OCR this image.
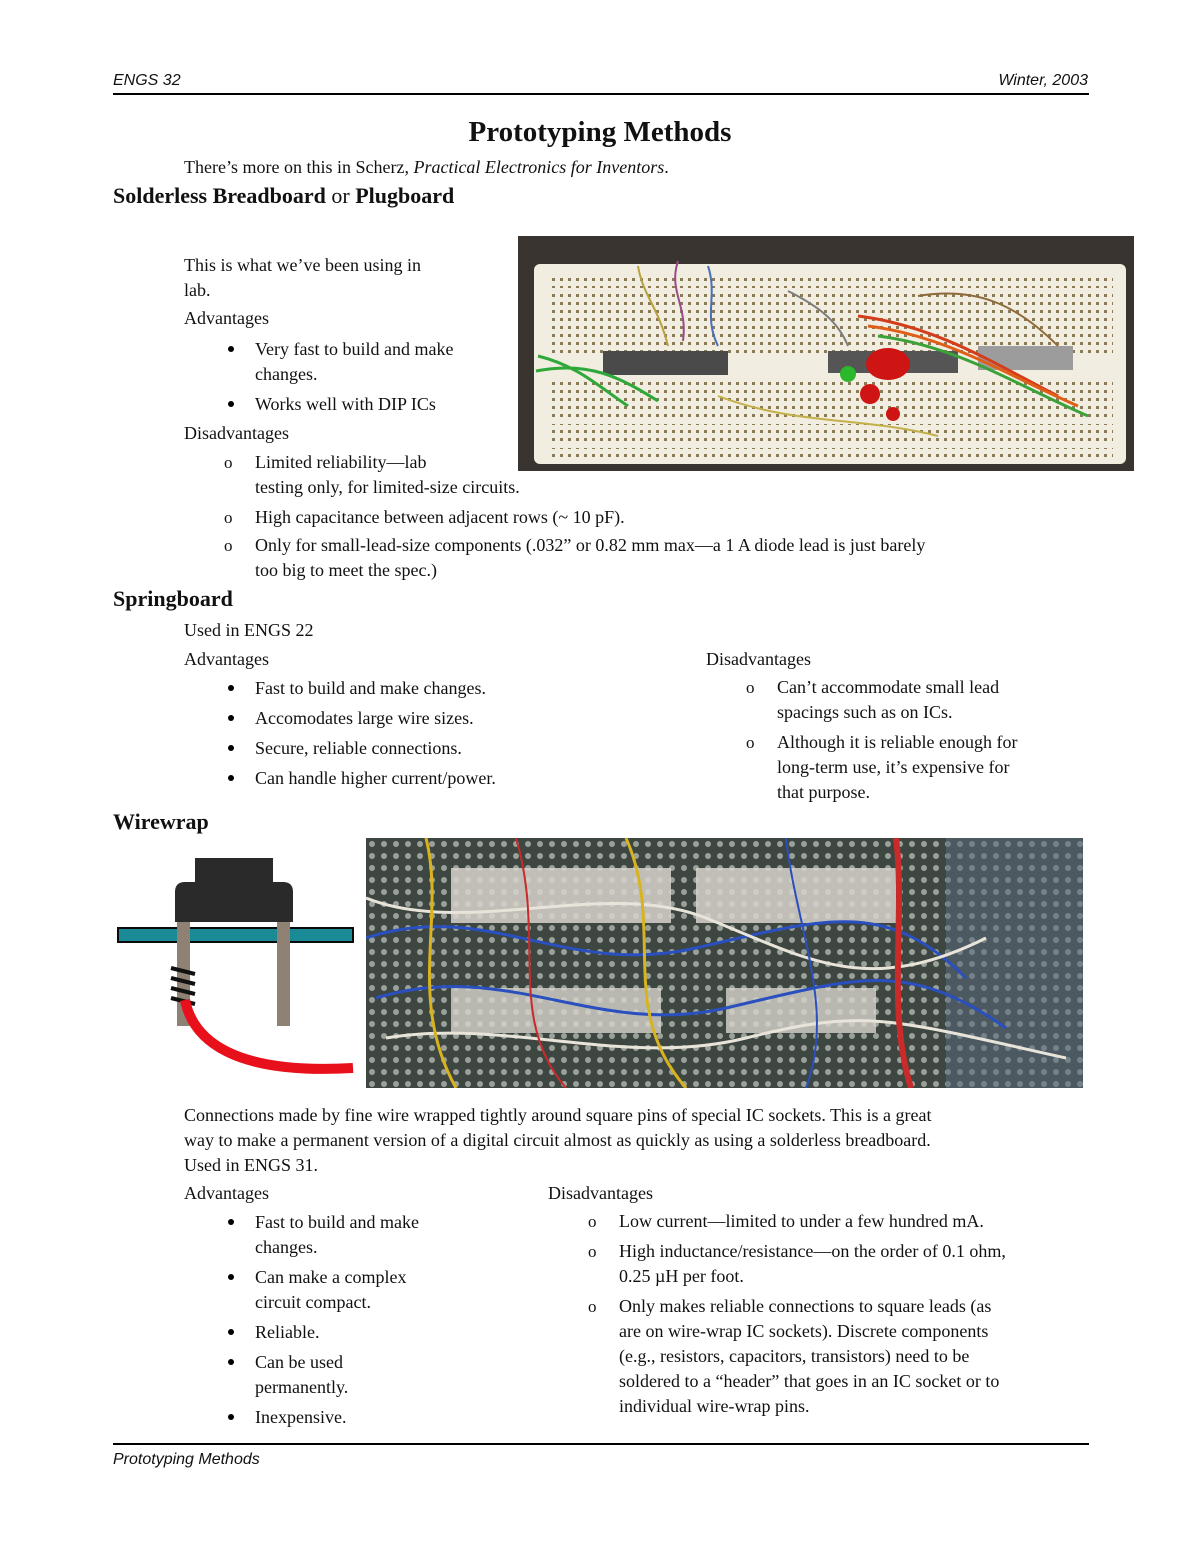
ENGS 32	Winter, 2003
Prototyping Methods
There’s more on this in Scherz, Practical Electronics for Inventors.
Solderless Breadboard or Plugboard
This is what we’ve been using in
lab.
Advantages
Very fast to build and make
changes.
Works well with DIP ICs
Disadvantages
o Limited reliability—lab
testing only, for limited-size circuits.
o High capacitance between adjacent rows (~ 10 pF).
o Only for small-lead-size components (.032” or 0.82 mm max—a 1 A diode lead is just barely
too big to meet the spec.)
Springboard
Used in ENGS 22
Advantages
Fast to build and make changes.
Accomodates large wire sizes.
Secure, reliable connections.
Can handle higher current/power.
Disadvantages
o Can’t accommodate small lead
spacings such as on ICs.
o Although it is reliable enough for
long-term use, it’s expensive for
that purpose.
Wirewrap
Connections made by fine wire wrapped tightly around square pins of special IC sockets. This is a great
way to make a permanent version of a digital circuit almost as quickly as using a solderless breadboard.
Used in ENGS 31.
Advantages
Fast to build and make
changes.
Can make a complex
circuit compact.
Reliable.
Can be used
permanently.
Inexpensive.
Disadvantages
o Low current—limited to under a few hundred mA.
o High inductance/resistance—on the order of 0.1 ohm,
0.25 µH per foot.
o Only makes reliable connections to square leads (as
are on wire-wrap IC sockets). Discrete components
(e.g., resistors, capacitors, transistors) need to be
soldered to a “header” that goes in an IC socket or to
individual wire-wrap pins.
Prototyping Methods
